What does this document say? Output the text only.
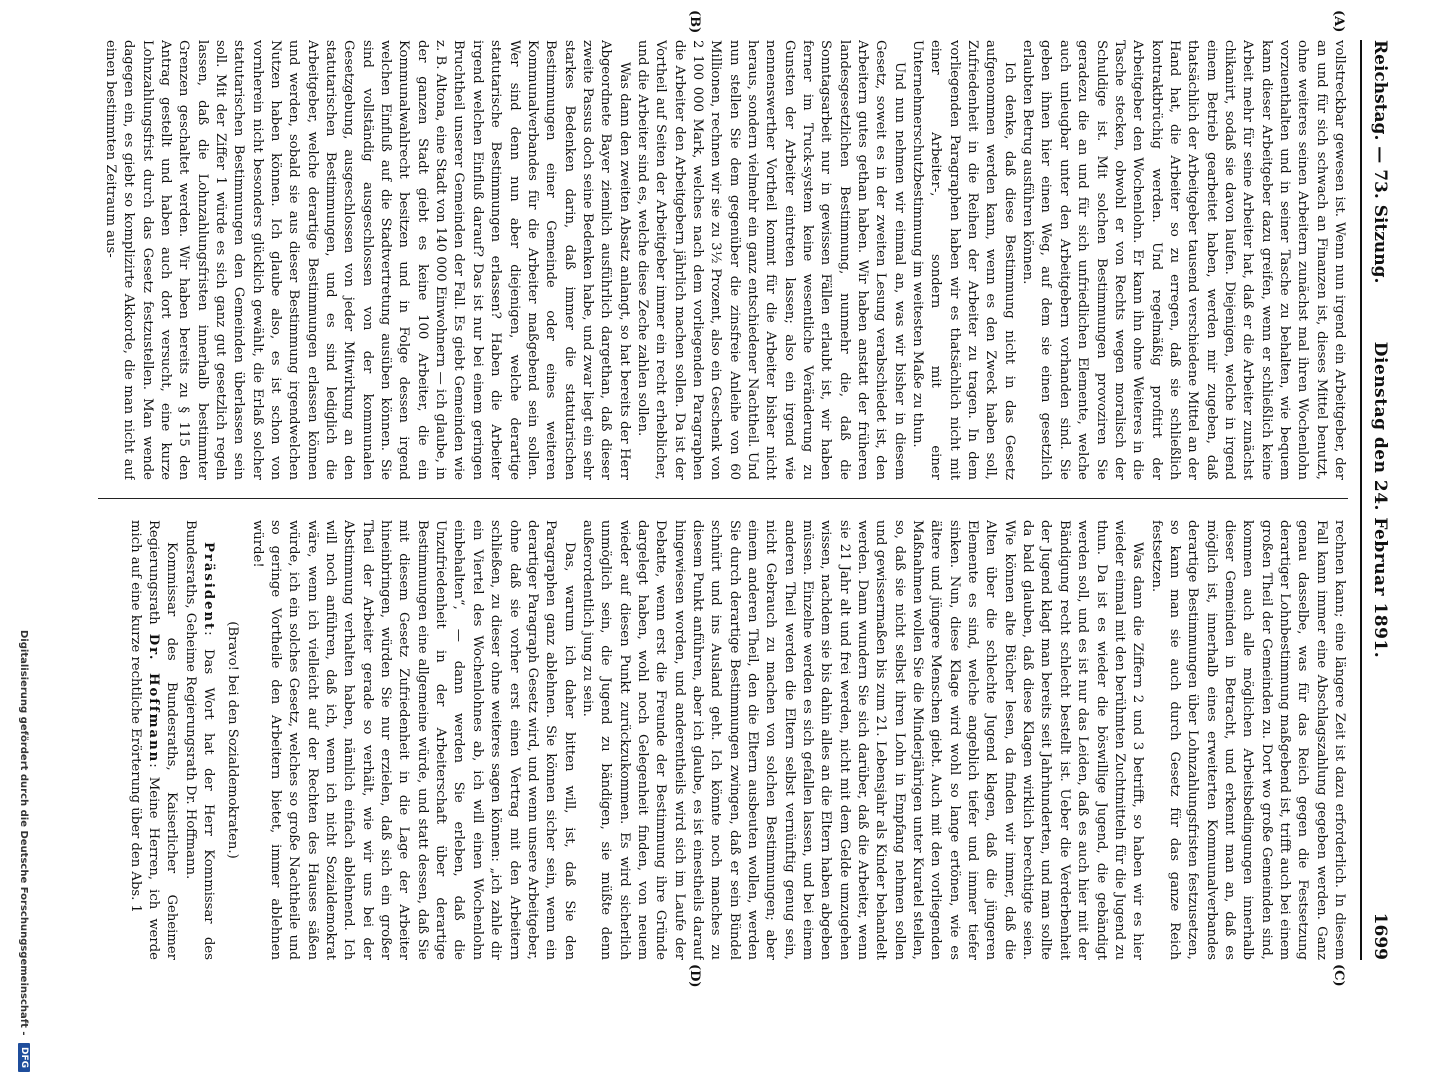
Reichstag. — 73. Sitzung.
Dienstag den 24. Februar 1891.
1699
(A)
(B)
(C)
(D)

vollstreckbar gewesen ist. Wenn nun irgend ein Arbeitgeber, der an und für sich schwach an Finanzen ist, dieses Mittel benutzt, ohne weiteres seinen Arbeitern zunächst mal ihren Wochenlohn vorzuenthalten und in seiner Tasche zu behalten, wie bequem kann dieser Arbeitgeber dazu greifen, wenn er schließlich keine Arbeit mehr für seine Arbeiter hat, daß er die Arbeiter zunächst chikanirt, sodaß sie davon laufen. Diejenigen, welche in irgend einem Betrieb gearbeitet haben, werden mir zugeben, daß thatsächlich der Arbeitgeber tausend verschiedene Mittel an der Hand hat, die Arbeiter so zu erregen, daß sie schließlich kontraktbrüchig werden. Und regelmäßig profitirt der Arbeitgeber den Wochenlohn. Er kann ihn ohne Weiteres in die Tasche stecken, obwohl er von Rechts wegen moralisch der Schuldige ist. Mit solchen Bestimmungen provoziren Sie geradezu die an und für sich unfriedlichen Elemente, welche auch unleugbar unter den Arbeitgebern vorhanden sind. Sie geben ihnen hier einen Weg, auf dem sie einen gesetzlich erlaubten Betrug ausführen können.

Ich denke, daß diese Bestimmung nicht in das Gesetz aufgenommen werden kann, wenn es den Zweck haben soll, Zufriedenheit in die Reihen der Arbeiter zu tragen. In dem vorliegenden Paragraphen haben wir es thatsächlich nicht mit einer Arbeiter-, sondern mit einer Unternehmerschutzbestimmung im weitesten Maße zu thun.

Und nun nehmen wir einmal an, was wir bisher in diesem Gesetz, soweit es in der zweiten Lesung verabschiedet ist, den Arbeitern gutes gethan haben. Wir haben anstatt der früheren landesgesetzlichen Bestimmung, nunmehr die, daß die Sonntagsarbeit nur in gewissen Fällen erlaubt ist, wir haben ferner im Truck-system keine wesentliche Veränderung zu Gunsten der Arbeiter eintreten lassen; also ein irgend wie nennenswerther Vortheil kommt für die Arbeiter bisher nicht heraus, sondern vielmehr ein ganz entschiedener Nachtheil. Und nun stellen Sie dem gegenüber die zinsfreie Anleihe von 60 Millionen, rechnen wir sie zu 3½ Prozent, also ein Geschenk von 2 100 000 Mark, welches nach dem vorliegenden Paragraphen die Arbeiter den Arbeitgebern jährlich machen sollen. Da ist der Vortheil auf Seiten der Arbeitgeber immer ein recht erheblicher, und die Arbeiter sind es, welche diese Zeche zahlen sollen.

Was dann den zweiten Absatz anlangt, so hat bereits der Herr Abgeordnete Bayer ziemlich ausführlich dargethan, daß dieser zweite Passus doch seine Bedenken habe, und zwar liegt ein sehr starkes Bedenken darin, daß immer die statutarischen Bestimmungen einer Gemeinde oder eines weiteren Kommunalverbandes für die Arbeiter maßgebend sein sollen. Wer sind denn nun aber diejenigen, welche derartige statutarische Bestimmungen erlassen? Haben die Arbeiter irgend welchen Einfluß darauf? Das ist nur bei einem geringen Bruchtheil unserer Gemeinden der Fall. Es giebt Gemeinden wie z. B. Altona, eine Stadt von 140 000 Einwohnern — ich glaube, in der ganzen Stadt giebt es keine 100 Arbeiter, die ein Kommunalwahlrecht besitzen und in Folge dessen irgend welchen Einfluß auf die Stadtvertretung ausüben können. Sie sind vollständig ausgeschlossen von der kommunalen Gesetzgebung, ausgeschlossen von jeder Mitwirkung an den statutarischen Bestimmungen, und es sind lediglich die Arbeitgeber, welche derartige Bestimmungen erlassen können und werden, sobald sie aus dieser Bestimmung irgendwelchen Nutzen haben können. Ich glaube also, es ist schon von vornherein nicht besonders glücklich gewählt, die Erlaß solcher statutarischen Bestimmungen den Gemeinden überlassen sein soll. Mit der Ziffer 1 würde es sich ganz gut gesetzlich regeln lassen, daß die Lohnzahlungsfristen innerhalb bestimmter Grenzen geschaltet werden. Wir haben bereits zu § 115 den Antrag gestellt und haben auch dort versucht, eine kurze Lohnzahlungsfrist durch das Gesetz festzustellen. Man wende dagegen ein, es giebt so komplizirte Akkorde, die man nicht auf einen bestimmten Zeitraum aus-

rechnen kann; eine längere Zeit ist dazu erforderlich. In diesem Fall kann immer eine Abschlagszahlung gegeben werden. Ganz genau dasselbe, was für das Reich gegen die Festsetzung derartiger Lohnbestimmung maßgebend ist, trifft auch bei einem großen Theil der Gemeinden zu. Dort wo große Gemeinden sind, kommen auch alle möglichen Arbeitsbedingungen innerhalb dieser Gemeinden in Betracht, und erkennt man an, daß es möglich ist, innerhalb eines erweiterten Kommunalverbandes derartige Bestimmungen über Lohnzahlungsfristen festzusetzen, so kann man sie auch durch Gesetz für das ganze Reich festsetzen.

Was dann die Ziffern 2 und 3 betrifft, so haben wir es hier wieder einmal mit den berühmten Zuchtmitteln für die Jugend zu thun. Da ist es wieder die böswillige Jugend, die gebändigt werden soll, und es ist nur das Leiden, daß es auch hier mit der Bändigung recht schlecht bestellt ist. Ueber die Verderbenheit der Jugend klagt man bereits seit Jahrhunderten, und man sollte da bald glauben, daß diese Klagen wirklich berechtigte seien. Wie können alte Bücher lesen, da finden wir immer, daß die Alten über die schlechte Jugend klagen, daß die jüngeren Elemente es sind, welche angeblich tiefer und immer tiefer sinken. Nun, diese Klage wird wohl so lange ertönen, wie es ältere und jüngere Menschen giebt. Auch mit den vorliegenden Maßnahmen wollen Sie die Minderjährigen unter Kuratel stellen, so, daß sie nicht selbst ihren Lohn in Empfang nehmen sollen und gewissermaßen bis zum 21. Lebensjahr als Kinder behandelt werden. Dann wundern Sie sich darüber, daß die Arbeiter, wenn sie 21 Jahr alt und frei werden, nicht mit dem Gelde umzugehen wissen, nachdem sie bis dahin alles an die Eltern haben abgeben müssen. Einzelne werden es sich gefallen lassen, und bei einem anderen Theil werden die Eltern selbst vernünftig genug sein, nicht Gebrauch zu machen von solchen Bestimmungen; aber einem anderen Theil, den die Eltern ausbeuten wollen, werden Sie durch derartige Bestimmungen zwingen, daß er sein Bündel schnürt und ins Ausland geht. Ich könnte noch manches zu diesem Punkt anführen, aber ich glaube, es ist einestheils darauf hingewiesen worden, und anderentheils wird sich im Laufe der Debatte, wenn erst die Freunde der Bestimmung ihre Gründe dargelegt haben, wohl noch Gelegenheit finden, von neuem wieder auf diesen Punkt zurückzukommen. Es wird sicherlich unmöglich sein, die Jugend zu bändigen, sie müßte denn außerordentlich jung zu sein.

Das, warum ich daher bitten will, ist, daß Sie den Paragraphen ganz ablehnen. Sie können sicher sein, wenn ein derartiger Paragraph Gesetz wird, und wenn unsere Arbeitgeber, ohne daß sie vorher erst einen Vertrag mit den Arbeitern schließen, zu dieser ohne weiteres sagen können: „ich zahle dir ein Viertel des Wochenlohnes ab, ich will einen Wochenlohn einbehalten“, — dann werden Sie erleben, daß die Unzufriedenheit in der Arbeiterschaft über derartige Bestimmungen eine allgemeine würde, und statt dessen, daß Sie mit diesem Gesetz Zufriedenheit in die Lage der Arbeiter hineinbringen, würden Sie nur erzielen, daß sich ein großer Theil der Arbeiter gerade so verhält, wie wir uns bei der Abstimmung verhalten haben, nämlich einfach ablehnend. Ich will noch anführen, daß ich, wenn ich nicht Sozialdemokrat wäre, wenn ich vielleicht auf der Rechten des Hauses säßen würde, ich ein solches Gesetz, welches so große Nachtheile und so geringe Vortheile den Arbeitern bietet, immer ablehnen würde!

(Bravo! bei den Sozialdemokraten.)

Präsident: Das Wort hat der Herr Kommissar des Bundesraths, Geheime Regierungsrath Dr. Hoffmann.

Kommissar des Bundesraths, Kaiserlicher Geheimer Regierungsrath Dr. Hoffmann: Meine Herren, ich werde mich auf eine kurze rechtliche Erörterung über den Abs. 1

Digitalisierung gefördert durch die Deutsche Forschungsgemeinschaft - DFG
